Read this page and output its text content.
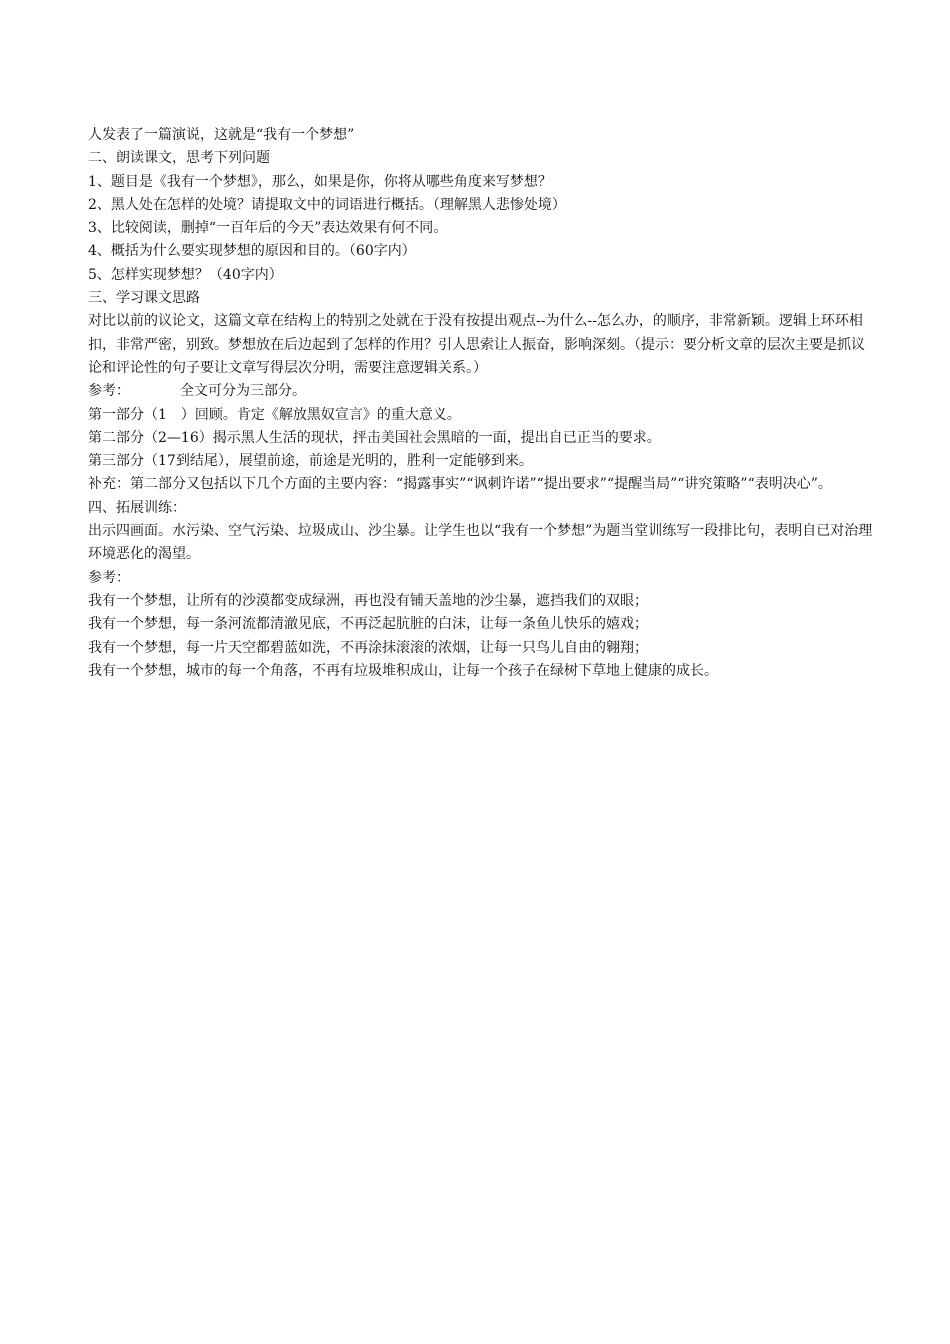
人发表了一篇演说，这就是“我有一个梦想”
二、朗读课文，思考下列问题
1、题目是《我有一个梦想》，那么，如果是你，你将从哪些角度来写梦想？
2、黑人处在怎样的处境？请提取文中的词语进行概括。（理解黑人悲惨处境）
3、比较阅读，删掉“一百年后的今天”表达效果有何不同。
4、概括为什么要实现梦想的原因和目的。（60字内）
5、怎样实现梦想？（40字内）
三、学习课文思路
对比以前的议论文，这篇文章在结构上的特别之处就在于没有按提出观点--为什么--怎么办，的顺序，非常新颖。逻辑上环环相扣，非常严密，别致。梦想放在后边起到了怎样的作用？引人思索让人振奋，影响深刻。（提示：要分析文章的层次主要是抓议论和评论性的句子要让文章写得层次分明，需要注意逻辑关系。）
参考：	全文可分为三部分。
第一部分（1　）回顾。肯定《解放黑奴宣言》的重大意义。
第二部分（2—16）揭示黑人生活的现状，抨击美国社会黑暗的一面，提出自已正当的要求。
第三部分（17到结尾），展望前途，前途是光明的，胜利一定能够到来。
补充：第二部分又包括以下几个方面的主要内容：“揭露事实”“讽刺许诺”“提出要求”“提醒当局”“讲究策略”“表明决心”。
四、拓展训练：
出示四画面。水污染、空气污染、垃圾成山、沙尘暴。让学生也以“我有一个梦想”为题当堂训练写一段排比句，表明自已对治理环境恶化的渴望。
参考：
我有一个梦想，让所有的沙漠都变成绿洲，再也没有铺天盖地的沙尘暴，遮挡我们的双眼；
我有一个梦想，每一条河流都清澈见底，不再泛起肮脏的白沫，让每一条鱼儿快乐的嬉戏；
我有一个梦想，每一片天空都碧蓝如洗，不再涂抹滚滚的浓烟，让每一只鸟儿自由的翱翔；
我有一个梦想，城市的每一个角落，不再有垃圾堆积成山，让每一个孩子在绿树下草地上健康的成长。
